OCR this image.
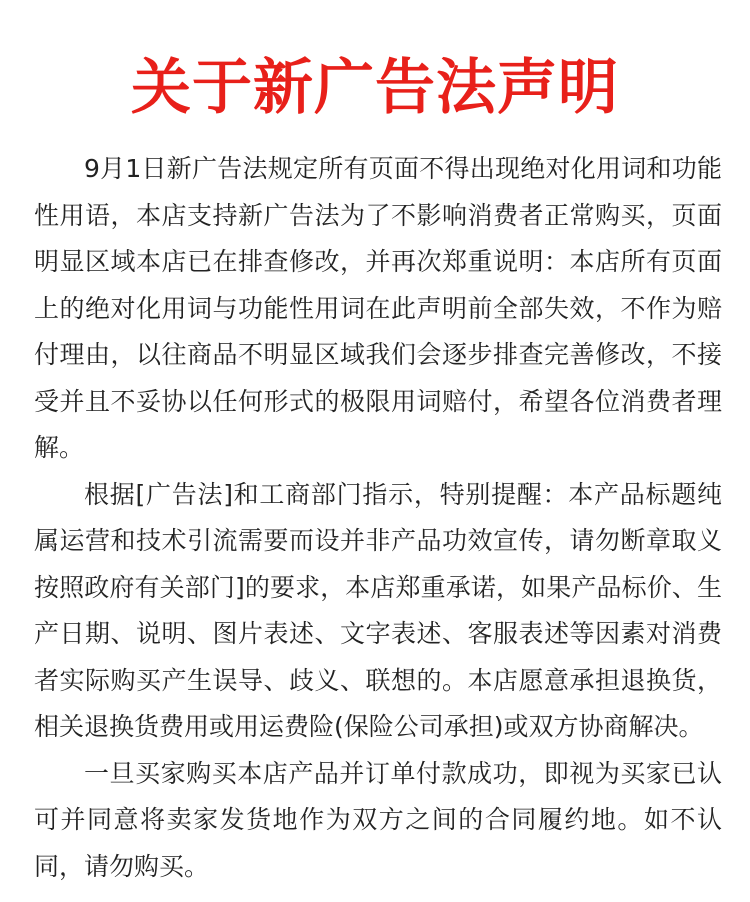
关于新广告法声明

9月1日新广告法规定所有页面不得出现绝对化用词和功能性用语，本店支持新广告法为了不影响消费者正常购买，页面明显区域本店已在排查修改，并再次郑重说明：本店所有页面上的绝对化用词与功能性用词在此声明前全部失效，不作为赔付理由，以往商品不明显区域我们会逐步排查完善修改，不接受并且不妥协以任何形式的极限用词赔付，希望各位消费者理解。

根据[广告法]和工商部门指示，特别提醒：本产品标题纯属运营和技术引流需要而设并非产品功效宣传，请勿断章取义按照政府有关部门]的要求，本店郑重承诺，如果产品标价、生产日期、说明、图片表述、文字表述、客服表述等因素对消费者实际购买产生误导、歧义、联想的。本店愿意承担退换货，相关退换货费用或用运费险(保险公司承担)或双方协商解决。

一旦买家购买本店产品并订单付款成功，即视为买家已认可并同意将卖家发货地作为双方之间的合同履约地。如不认同，请勿购买。
